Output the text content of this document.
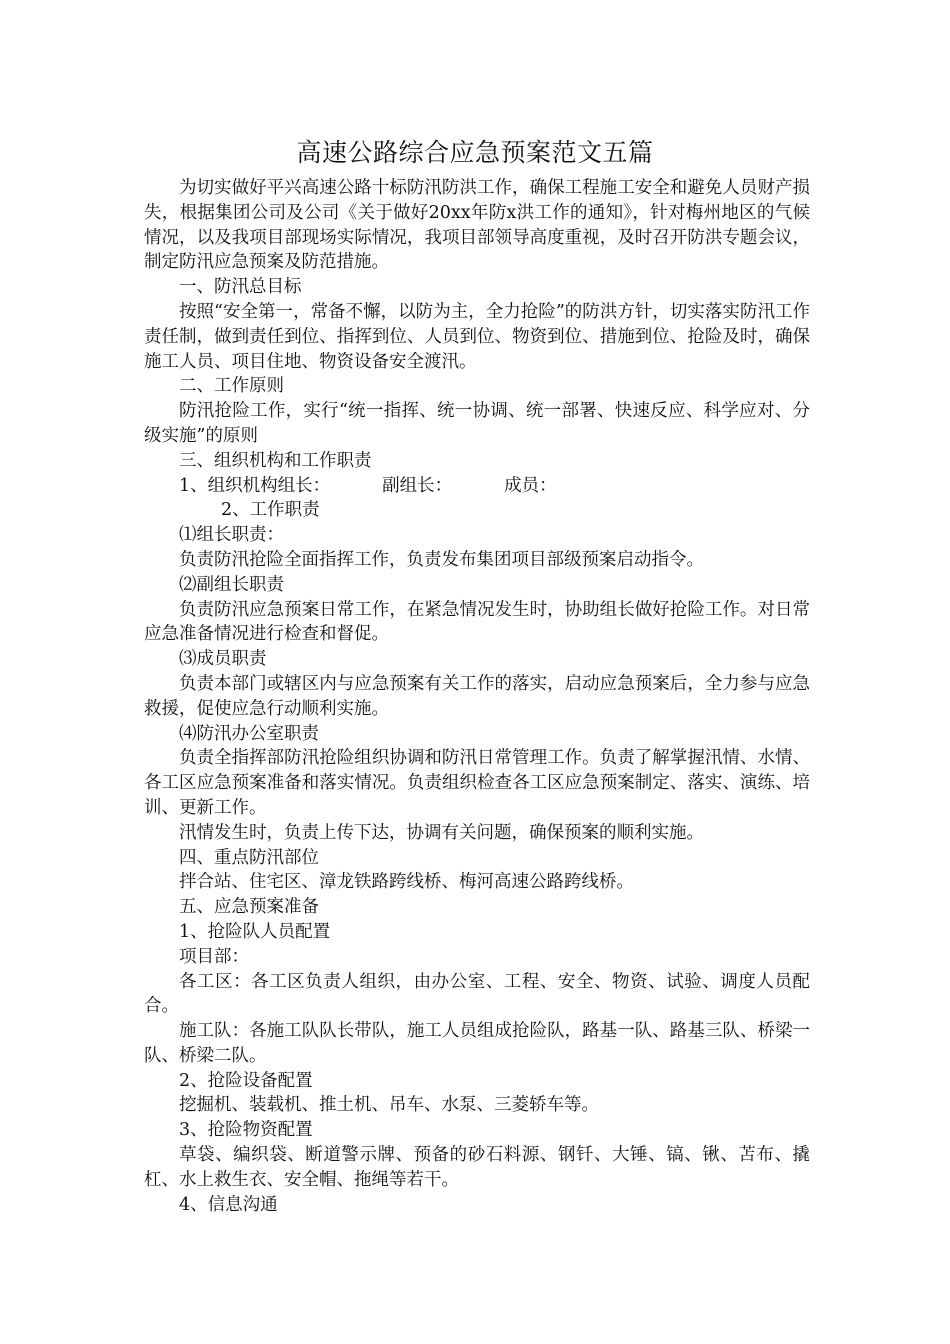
高速公路综合应急预案范文五篇

为切实做好平兴高速公路十标防汛防洪工作，确保工程施工安全和避免人员财产损失，根据集团公司及公司《关于做好20xx年防x洪工作的通知》，针对梅州地区的气候情况，以及我项目部现场实际情况，我项目部领导高度重视，及时召开防洪专题会议，制定防汛应急预案及防范措施。

一、防汛总目标

按照“安全第一，常备不懈，以防为主，全力抢险”的防洪方针，切实落实防汛工作责任制，做到责任到位、指挥到位、人员到位、物资到位、措施到位、抢险及时，确保施工人员、项目住地、物资设备安全渡汛。

二、工作原则

防汛抢险工作，实行“统一指挥、统一协调、统一部署、快速反应、科学应对、分级实施”的原则

三、组织机构和工作职责

1、组织机构组长：	副组长：	成员：

2、工作职责

⑴组长职责：

负责防汛抢险全面指挥工作，负责发布集团项目部级预案启动指令。

⑵副组长职责

负责防汛应急预案日常工作，在紧急情况发生时，协助组长做好抢险工作。对日常应急准备情况进行检查和督促。

⑶成员职责

负责本部门或辖区内与应急预案有关工作的落实，启动应急预案后，全力参与应急救援，促使应急行动顺利实施。

⑷防汛办公室职责

负责全指挥部防汛抢险组织协调和防汛日常管理工作。负责了解掌握汛情、水情、各工区应急预案准备和落实情况。负责组织检查各工区应急预案制定、落实、演练、培训、更新工作。

汛情发生时，负责上传下达，协调有关问题，确保预案的顺利实施。

四、重点防汛部位

拌合站、住宅区、漳龙铁路跨线桥、梅河高速公路跨线桥。

五、应急预案准备

1、抢险队人员配置

项目部：

各工区：各工区负责人组织，由办公室、工程、安全、物资、试验、调度人员配合。

施工队：各施工队队长带队，施工人员组成抢险队，路基一队、路基三队、桥梁一队、桥梁二队。

2、抢险设备配置

挖掘机、装载机、推土机、吊车、水泵、三菱轿车等。

3、抢险物资配置

草袋、编织袋、断道警示牌、预备的砂石料源、钢钎、大锤、镐、锹、苫布、撬杠、水上救生衣、安全帽、拖绳等若干。

4、信息沟通
